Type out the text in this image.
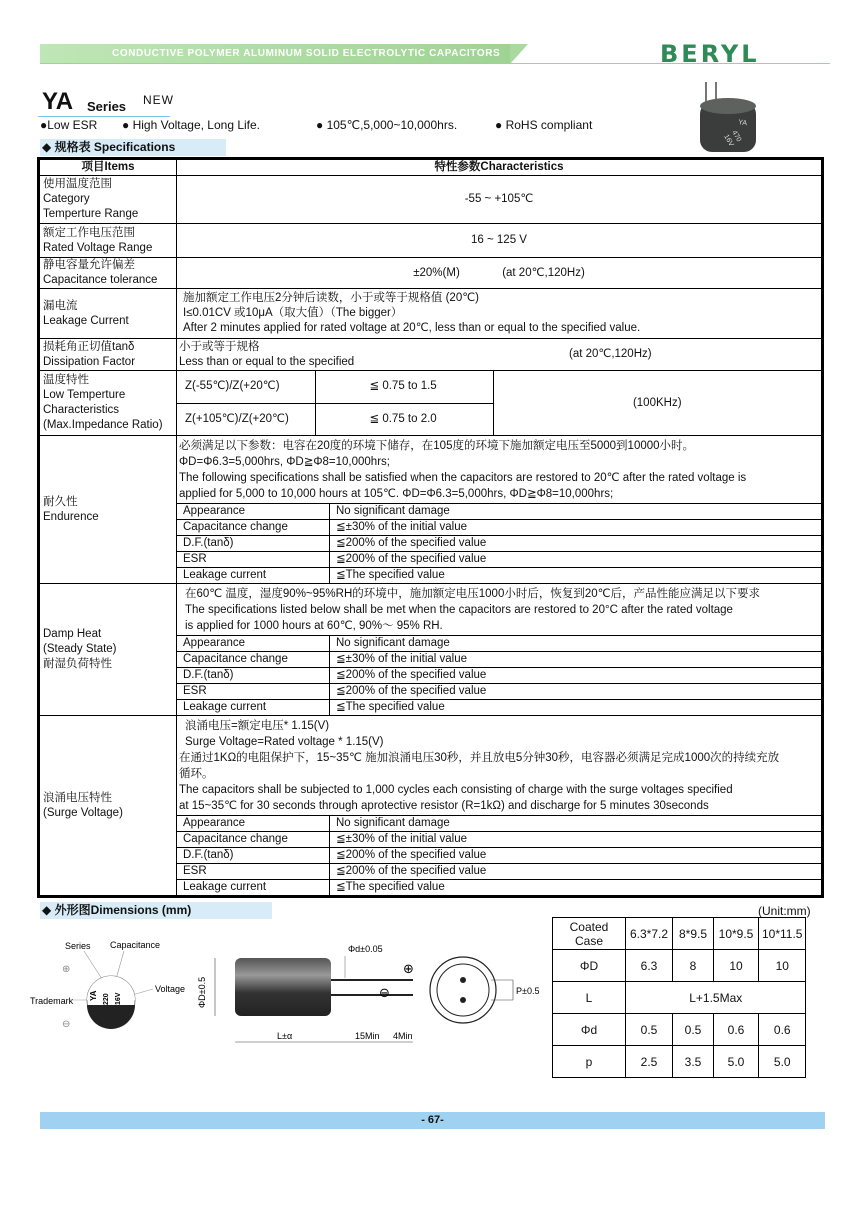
CONDUCTIVE POLYMER ALUMINUM SOLID ELECTROLYTIC CAPACITORS	BERYL
YA
470
16V
YA Series NEW
●Low ESR ● High Voltage, Long Life.	● 105℃,5,000~10,000hrs.	● RoHS compliant
◆ 规格表 Specifications
项目Items	特性参数Characteristics

使用温度范围
Category
Temperture Range
	-55 ~ +105℃

额定工作电压范围
Rated Voltage Range
	16 ~ 125 V

静电容量允许偏差
Capacitance tolerance
	±20%(M)	(at 20℃,120Hz)

漏电流
Leakage Current

施加额定工作电压2分钟后读数，小于或等于规格值 (20℃)
I≤0.01CV 或10μA（取大值）（The bigger）
After 2 minutes applied for rated voltage at 20℃, less than or equal to the specified value.

损耗角正切值tanδ
Dissipation Factor

小于或等于规格
Less than or equal to the specified
(at 20℃,120Hz)

温度特性
Low Temperture
Characteristics
(Max.Impedance Ratio)

Z(-55℃)/Z(+20℃)	≦ 0.75 to 1.5	(100KHz)
Z(+105℃)/Z(+20℃)	≦ 0.75 to 2.0

耐久性
Endurence

必须满足以下参数：电容在20度的环境下储存，在105度的环境下施加额定电压至5000到10000小时。
ΦD=Φ6.3=5,000hrs, ΦD≧Φ8=10,000hrs;
The following specifications shall be satisfied when the capacitors are restored to 20℃ after the rated voltage is
applied for 5,000 to 10,000 hours at 105℃. ΦD=Φ6.3=5,000hrs, ΦD≧Φ8=10,000hrs;
Appearance	No significant damage
Capacitance change	≦±30% of the initial value
D.F.(tanδ)	≦200% of the specified value
ESR	≦200% of the specified value
Leakage current	≦The specified value

Damp Heat
(Steady State)
耐湿负荷特性

在60℃ 温度，湿度90%~95%RH的环境中，施加额定电压1000小时后，恢复到20℃后，产品性能应满足以下要求
The specifications listed below shall be met when the capacitors are restored to 20°C after the rated voltage
is applied for 1000 hours at 60℃, 90%～ 95% RH.
Appearance	No significant damage
Capacitance change	≦±30% of the initial value
D.F.(tanδ)	≦200% of the specified value
ESR	≦200% of the specified value
Leakage current	≦The specified value

浪涌电压特性
(Surge Voltage)

浪涌电压=额定电压* 1.15(V)
Surge Voltage=Rated voltage * 1.15(V)
在通过1KΩ的电阻保护下，15~35℃ 施加浪涌电压30秒，并且放电5分钟30秒，电容器必须满足完成1000次的持续充放
循环。
The capacitors shall be subjected to 1,000 cycles each consisting of charge with the surge voltages specified
at 15~35℃ for 30 seconds through aprotective resistor (R=1kΩ) and discharge for 5 minutes 30seconds
Appearance	No significant damage
Capacitance change	≦±30% of the initial value
D.F.(tanδ)	≦200% of the specified value
ESR	≦200% of the specified value
Leakage current	≦The specified value
◆ 外形图Dimensions (mm)	(Unit:mm)
Series Capacitance
Trademark
Voltage
⊕
⊖
YA 220 16V
Φd±0.05
⊕
⊖
ΦD±0.5
L±α	15Min 4Min
P±0.5
Coated Case	6.3*7.2	8*9.5	10*9.5	10*11.5
ΦD	6.3	8	10	10
L	L+1.5Max			
Φd	0.5	0.5	0.6	0.6
p	2.5	3.5	5.0	5.0
- 67-
